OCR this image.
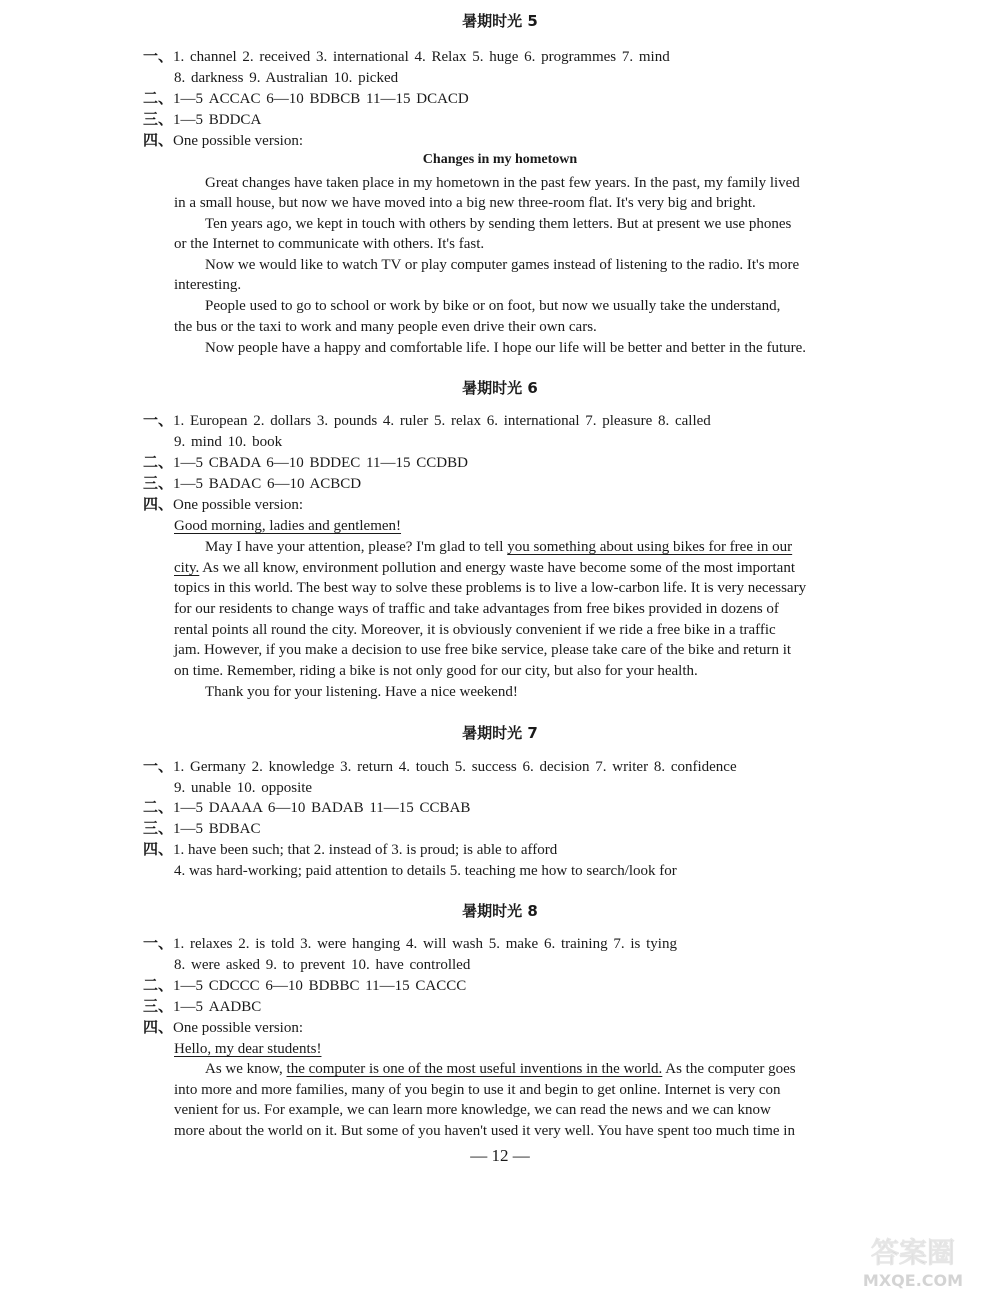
暑期时光 5
一、1. channel 2. received 3. international 4. Relax 5. huge 6. programmes 7. mind
8. darkness 9. Australian 10. picked
二、1—5 ACCAC 6—10 BDBCB 11—15 DCACD
三、1—5 BDDCA
四、One possible version:
Changes in my hometown
Great changes have taken place in my hometown in the past few years. In the past, my family lived
in a small house, but now we have moved into a big new three-room flat. It's very big and bright.
Ten years ago, we kept in touch with others by sending them letters. But at present we use phones
or the Internet to communicate with others. It's fast.
Now we would like to watch TV or play computer games instead of listening to the radio. It's more
interesting.
People used to go to school or work by bike or on foot, but now we usually take the understand,
the bus or the taxi to work and many people even drive their own cars.
Now people have a happy and comfortable life. I hope our life will be better and better in the future.
暑期时光 6
一、1. European 2. dollars 3. pounds 4. ruler 5. relax 6. international 7. pleasure 8. called
9. mind 10. book
二、1—5 CBADA 6—10 BDDEC 11—15 CCDBD
三、1—5 BADAC 6—10 ACBCD
四、One possible version:
Good morning, ladies and gentlemen!
May I have your attention, please? I'm glad to tell you something about using bikes for free in our
city. As we all know, environment pollution and energy waste have become some of the most important
topics in this world. The best way to solve these problems is to live a low-carbon life. It is very necessary
for our residents to change ways of traffic and take advantages from free bikes provided in dozens of
rental points all round the city. Moreover, it is obviously convenient if we ride a free bike in a traffic
jam. However, if you make a decision to use free bike service, please take care of the bike and return it
on time. Remember, riding a bike is not only good for our city, but also for your health.
Thank you for your listening. Have a nice weekend!
暑期时光 7
一、1. Germany 2. knowledge 3. return 4. touch 5. success 6. decision 7. writer 8. confidence
9. unable 10. opposite
二、1—5 DAAAA 6—10 BADAB 11—15 CCBAB
三、1—5 BDBAC
四、1. have been such; that 2. instead of 3. is proud; is able to afford
4. was hard-working; paid attention to details 5. teaching me how to search/look for
暑期时光 8
一、1. relaxes 2. is told 3. were hanging 4. will wash 5. make 6. training 7. is tying
8. were asked 9. to prevent 10. have controlled
二、1—5 CDCCC 6—10 BDBBC 11—15 CACCC
三、1—5 AADBC
四、One possible version:
Hello, my dear students!
As we know, the computer is one of the most useful inventions in the world. As the computer goes
into more and more families, many of you begin to use it and begin to get online. Internet is very con
venient for us. For example, we can learn more knowledge, we can read the news and we can know
more about the world on it. But some of you haven't used it very well. You have spent too much time in
— 12 —
答案圈
MXQE.COM
